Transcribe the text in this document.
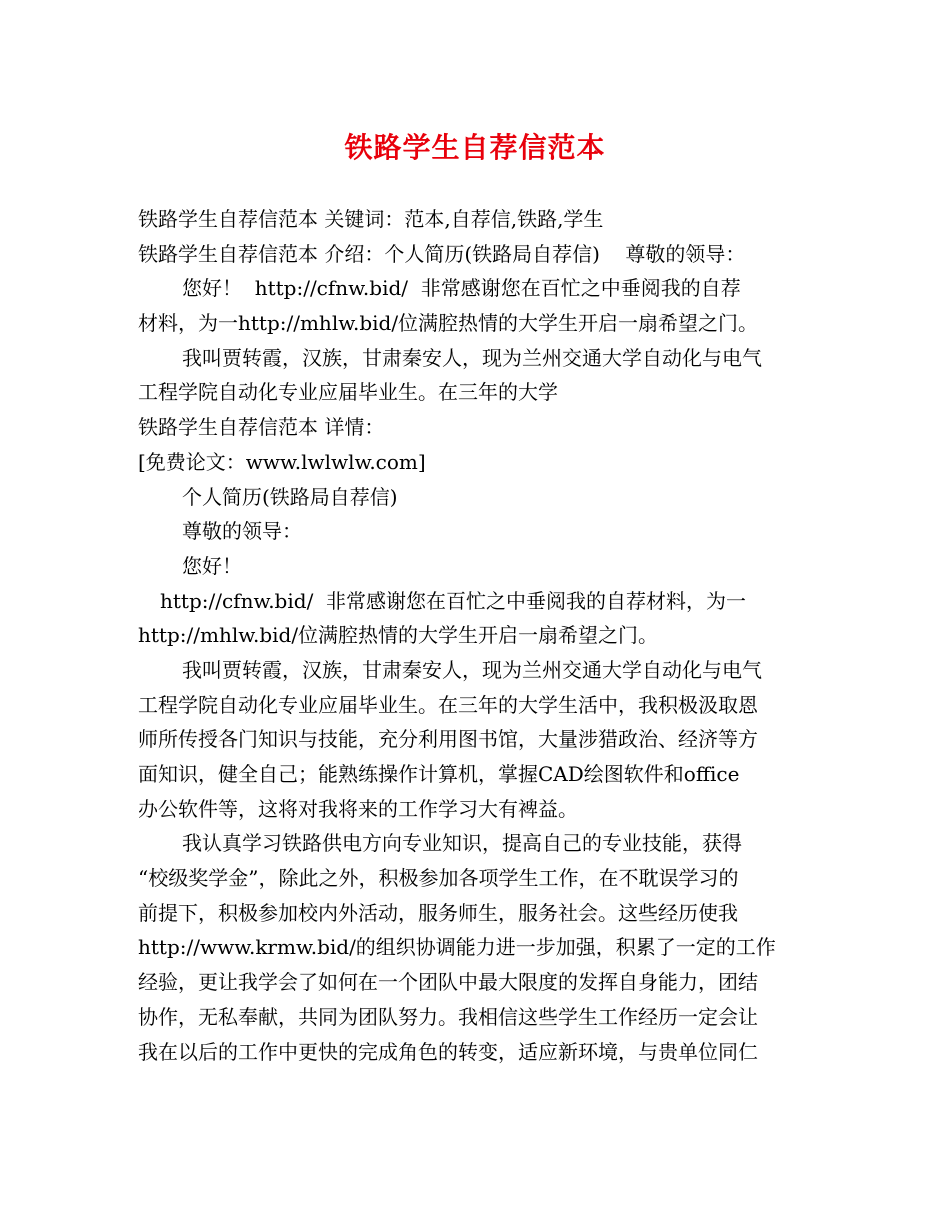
铁路学生自荐信范本
铁路学生自荐信范本 关键词：范本,自荐信,铁路,学生
铁路学生自荐信范本 介绍：个人简历(铁路局自荐信)    尊敬的领导：
您好！  http://cfnw.bid/  非常感谢您在百忙之中垂阅我的自荐
材料，为一http://mhlw.bid/位满腔热情的大学生开启一扇希望之门。
我叫贾转霞，汉族，甘肃秦安人，现为兰州交通大学自动化与电气
工程学院自动化专业应届毕业生。在三年的大学
铁路学生自荐信范本 详情：
[免费论文：www.lwlwlw.com]
个人简历(铁路局自荐信)
尊敬的领导：
您好！
http://cfnw.bid/  非常感谢您在百忙之中垂阅我的自荐材料，为一
http://mhlw.bid/位满腔热情的大学生开启一扇希望之门。
我叫贾转霞，汉族，甘肃秦安人，现为兰州交通大学自动化与电气
工程学院自动化专业应届毕业生。在三年的大学生活中，我积极汲取恩
师所传授各门知识与技能，充分利用图书馆，大量涉猎政治、经济等方
面知识，健全自己；能熟练操作计算机，掌握CAD绘图软件和office
办公软件等，这将对我将来的工作学习大有裨益。
我认真学习铁路供电方向专业知识，提高自己的专业技能，获得
“校级奖学金”，除此之外，积极参加各项学生工作，在不耽误学习的
前提下，积极参加校内外活动，服务师生，服务社会。这些经历使我
http://www.krmw.bid/的组织协调能力进一步加强，积累了一定的工作
经验，更让我学会了如何在一个团队中最大限度的发挥自身能力，团结
协作，无私奉献，共同为团队努力。我相信这些学生工作经历一定会让
我在以后的工作中更快的完成角色的转变，适应新环境，与贵单位同仁
